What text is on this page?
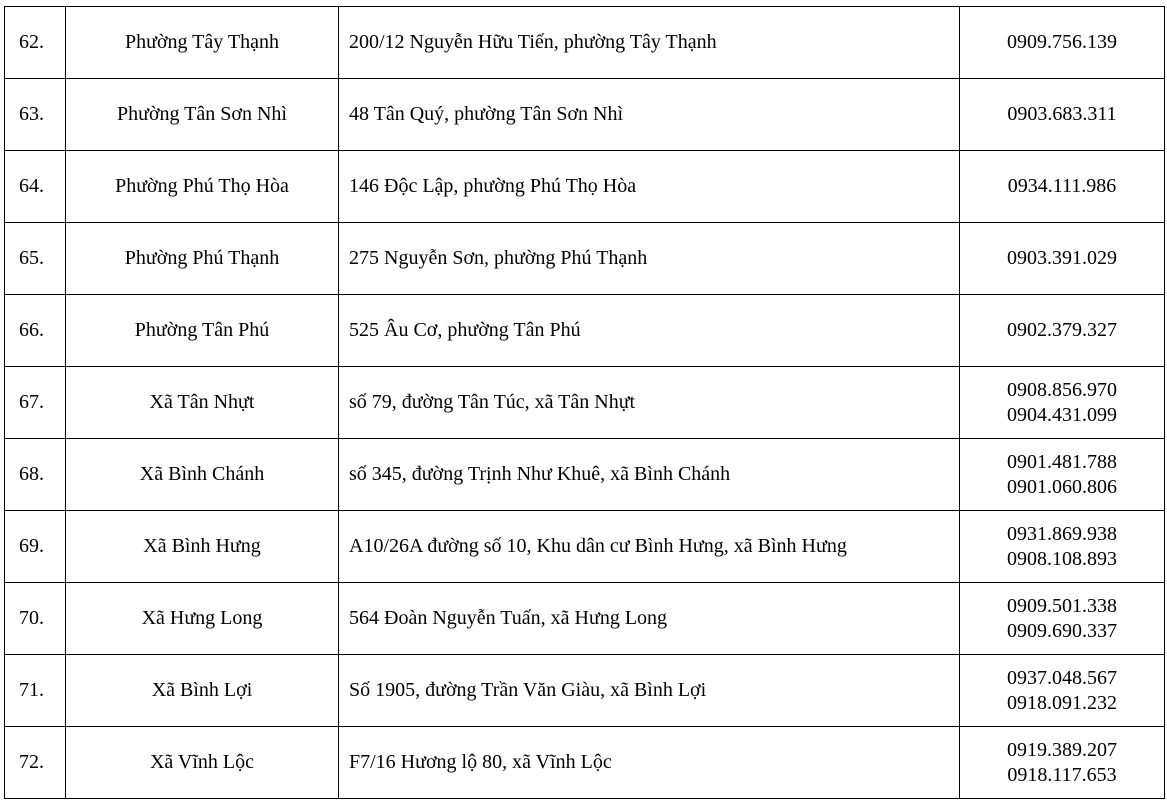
62.	Phường Tây Thạnh	200/12 Nguyễn Hữu Tiến, phường Tây Thạnh	0909.756.139

63.	Phường Tân Sơn Nhì	48 Tân Quý, phường Tân Sơn Nhì	0903.683.311

64.	Phường Phú Thọ Hòa	146 Độc Lập, phường Phú Thọ Hòa	0934.111.986

65.	Phường Phú Thạnh	275 Nguyễn Sơn, phường Phú Thạnh	0903.391.029

66.	Phường Tân Phú	525 Âu Cơ, phường Tân Phú	0902.379.327

67.	Xã Tân Nhựt	số 79, đường Tân Túc, xã Tân Nhựt	0908.856.970
0904.431.099

68.	Xã Bình Chánh	số 345, đường Trịnh Như Khuê, xã Bình Chánh	0901.481.788
0901.060.806

69.	Xã Bình Hưng	A10/26A đường số 10, Khu dân cư Bình Hưng, xã Bình Hưng	0931.869.938
0908.108.893

70.	Xã Hưng Long	564 Đoàn Nguyễn Tuấn, xã Hưng Long	0909.501.338
0909.690.337

71.	Xã Bình Lợi	Số 1905, đường Trần Văn Giàu, xã Bình Lợi	0937.048.567
0918.091.232

72.	Xã Vĩnh Lộc	F7/16 Hương lộ 80, xã Vĩnh Lộc	0919.389.207
0918.117.653
